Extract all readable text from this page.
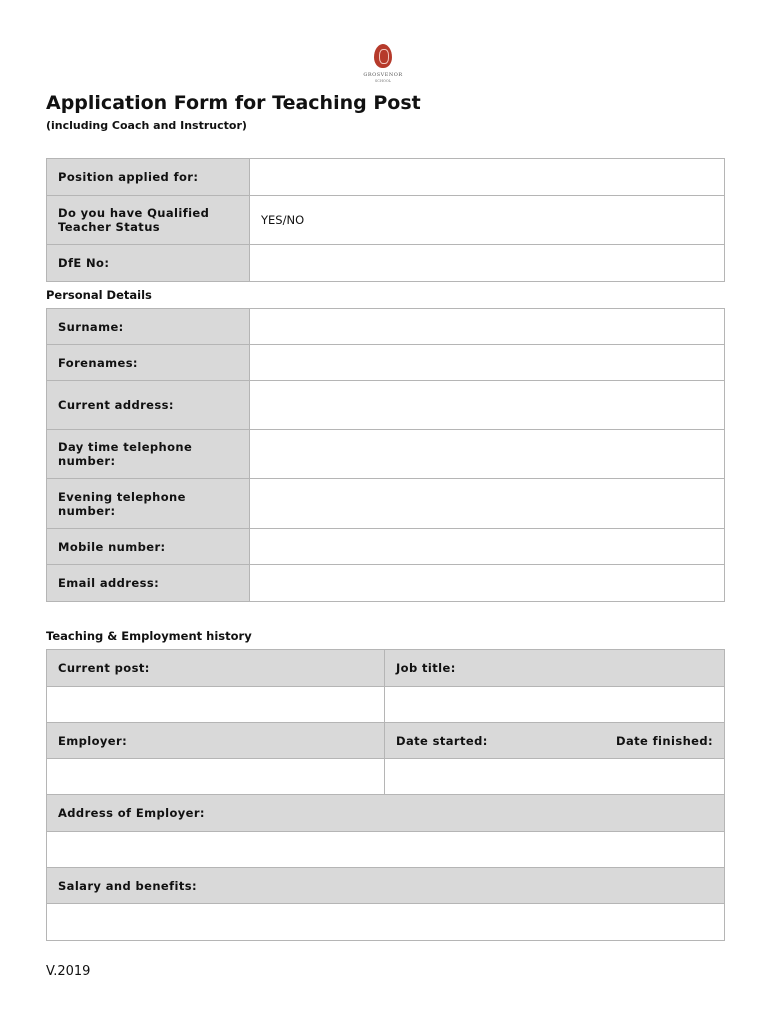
GROSVENOR
SCHOOL
Application Form for Teaching Post
(including Coach and Instructor)
Position applied for:	
Do you have Qualified Teacher Status	YES/NO
DfE No:	
Personal Details
Surname:	
Forenames:	
Current address:	
Day time telephone number:	
Evening telephone number:	
Mobile number:	
Email address:	
Teaching & Employment history
Current post:	Job title:

Employer:	Date started: Date finished:

Address of Employer:	

Salary and benefits:	

V.2019
